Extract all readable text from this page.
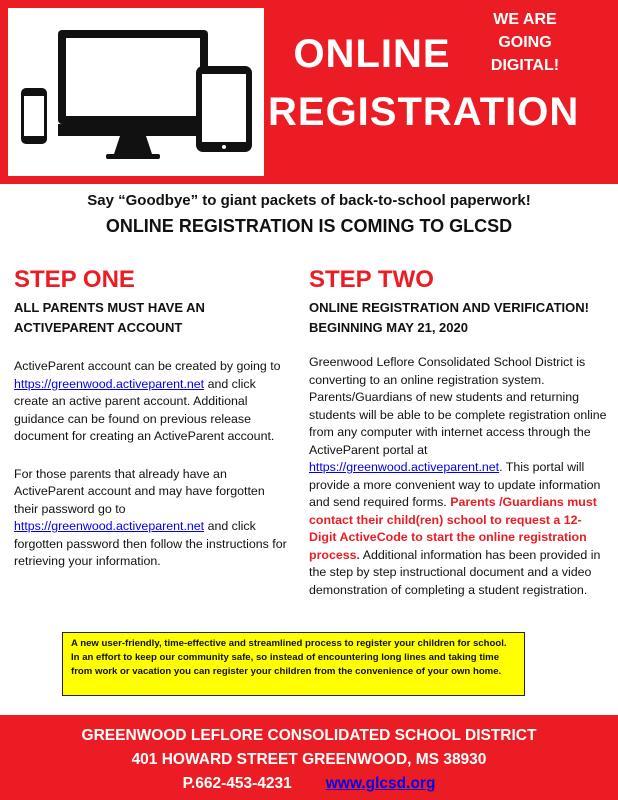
WE ARE
GOING
DIGITAL!
ONLINE
REGISTRATION
Say “Goodbye” to giant packets of back-to-school paperwork!
ONLINE REGISTRATION IS COMING TO GLCSD
STEP ONE
ALL PARENTS MUST HAVE AN
ACTIVEPARENT ACCOUNT
ActiveParent account can be created by going to https://greenwood.activeparent.net and click create an active parent account. Additional guidance can be found on previous release document for creating an ActiveParent account.
For those parents that already have an ActiveParent account and may have forgotten their password go to https://greenwood.activeparent.net and click forgotten password then follow the instructions for retrieving your information.
STEP TWO
ONLINE REGISTRATION AND VERIFICATION!
BEGINNING MAY 21, 2020
Greenwood Leflore Consolidated School District is converting to an online registration system. Parents/Guardians of new students and returning students will be able to be complete registration online from any computer with internet access through the ActiveParent portal at https://greenwood.activeparent.net. This portal will provide a more convenient way to update information and send required forms. Parents /Guardians must contact their child(ren) school to request a 12- Digit ActiveCode to start the online registration process. Additional information has been provided in the step by step instructional document and a video demonstration of completing a student registration.
A new user-friendly, time-effective and streamlined process to register your children for school. In an effort to keep our community safe, so instead of encountering long lines and taking time from work or vacation you can register your children from the convenience of your own home.
GREENWOOD LEFLORE CONSOLIDATED SCHOOL DISTRICT
401 HOWARD STREET GREENWOOD, MS 38930
P.662-453-4231 www.glcsd.org
